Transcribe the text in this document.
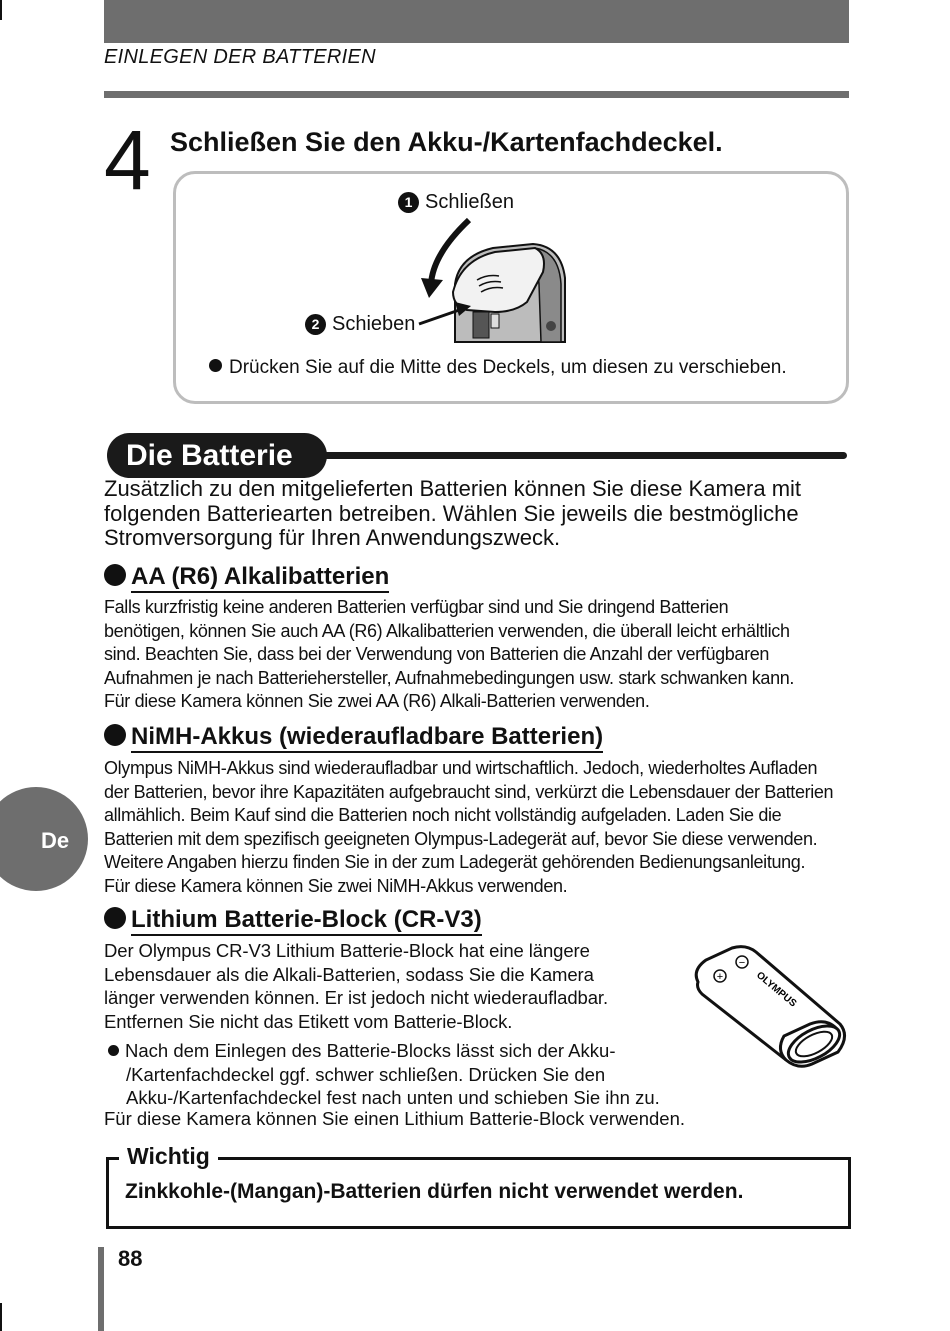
EINLEGEN DER BATTERIEN
4 Schließen Sie den Akku-/Kartenfachdeckel.
1 Schließen
2 Schieben
Drücken Sie auf die Mitte des Deckels, um diesen zu verschieben.
Die Batterie
Zusätzlich zu den mitgelieferten Batterien können Sie diese Kamera mit
folgenden Batteriearten betreiben. Wählen Sie jeweils die bestmögliche
Stromversorgung für Ihren Anwendungszweck.
AA (R6) Alkalibatterien
Falls kurzfristig keine anderen Batterien verfügbar sind und Sie dringend Batterien
benötigen, können Sie auch AA (R6) Alkalibatterien verwenden, die überall leicht erhältlich
sind. Beachten Sie, dass bei der Verwendung von Batterien die Anzahl der verfügbaren
Aufnahmen je nach Batteriehersteller, Aufnahmebedingungen usw. stark schwanken kann.
Für diese Kamera können Sie zwei AA (R6) Alkali-Batterien verwenden.
NiMH-Akkus (wiederaufladbare Batterien)
Olympus NiMH-Akkus sind wiederaufladbar und wirtschaftlich. Jedoch, wiederholtes Aufladen
der Batterien, bevor ihre Kapazitäten aufgebraucht sind, verkürzt die Lebensdauer der Batterien
allmählich. Beim Kauf sind die Batterien noch nicht vollständig aufgeladen. Laden Sie die
Batterien mit dem spezifisch geeigneten Olympus-Ladegerät auf, bevor Sie diese verwenden.
Weitere Angaben hierzu finden Sie in der zum Ladegerät gehörenden Bedienungsanleitung.
Für diese Kamera können Sie zwei NiMH-Akkus verwenden.
Lithium Batterie-Block (CR-V3)
Der Olympus CR-V3 Lithium Batterie-Block hat eine längere
Lebensdauer als die Alkali-Batterien, sodass Sie die Kamera
länger verwenden können. Er ist jedoch nicht wiederaufladbar.
Entfernen Sie nicht das Etikett vom Batterie-Block.
+
−
OLYMPUS
Nach dem Einlegen des Batterie-Blocks lässt sich der Akku-
/Kartenfachdeckel ggf. schwer schließen. Drücken Sie den
Akku-/Kartenfachdeckel fest nach unten und schieben Sie ihn zu.
Für diese Kamera können Sie einen Lithium Batterie-Block verwenden.
Wichtig
Zinkkohle-(Mangan)-Batterien dürfen nicht verwendet werden.
De
88
